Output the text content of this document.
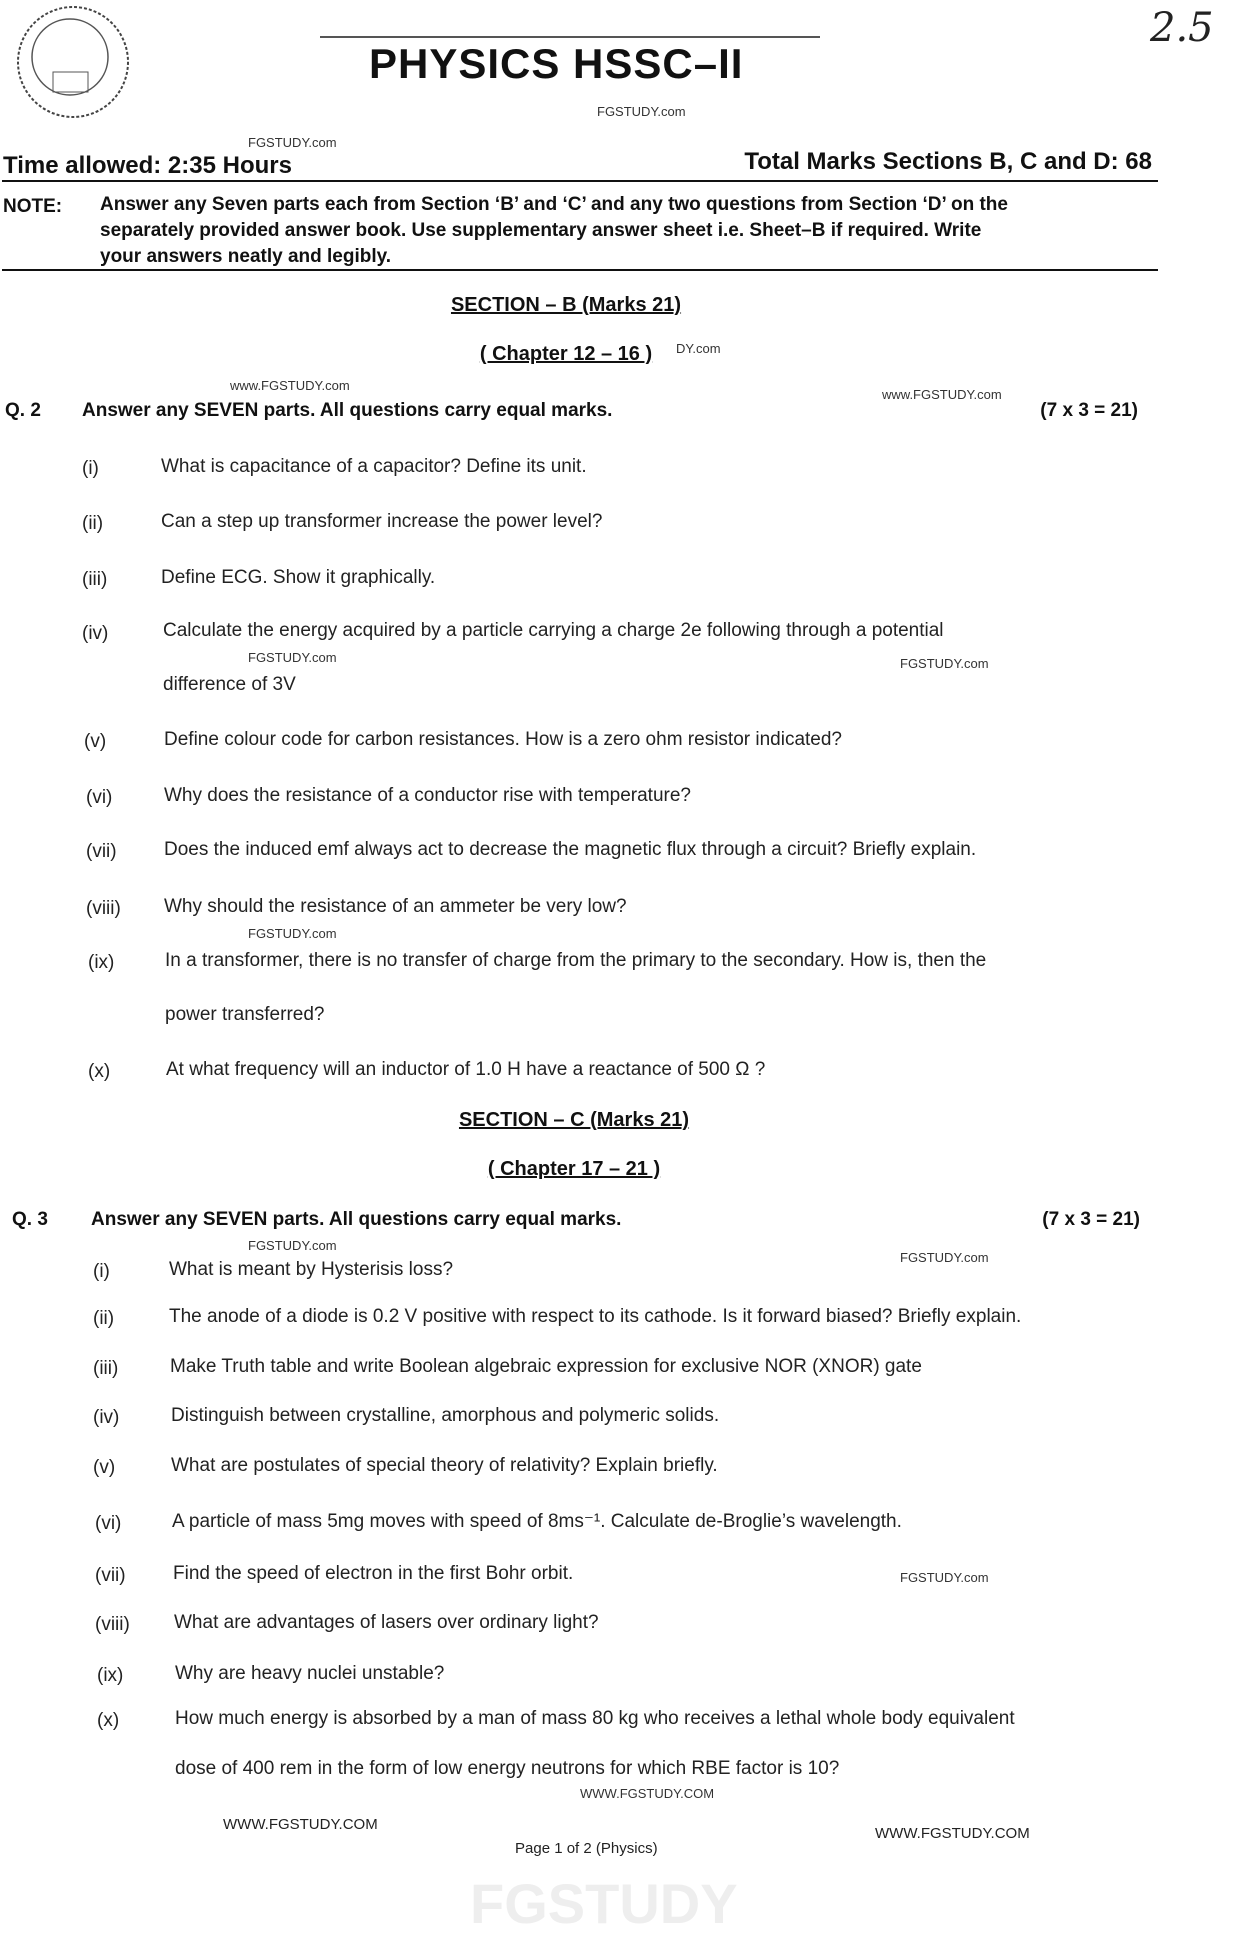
2.5
PHYSICS HSSC–II
FGSTUDY.com
FGSTUDY.com
Time allowed: 2:35 Hours	Total Marks Sections B, C and D: 68
NOTE: Answer any Seven parts each from Section ‘B’ and ‘C’ and any two questions from Section ‘D’ on the
separately provided answer book. Use supplementary answer sheet i.e. Sheet–B if required. Write
your answers neatly and legibly.
SECTION – B (Marks 21)
( Chapter 12 – 16 ) DY.com
www.FGSTUDY.com
www.FGSTUDY.com
Q. 2 Answer any SEVEN parts. All questions carry equal marks.	(7 x 3 = 21)
(i)	What is capacitance of a capacitor? Define its unit.
(ii)	Can a step up transformer increase the power level?
(iii)	Define ECG. Show it graphically.
(iv)	Calculate the energy acquired by a particle carrying a charge 2e following through a potential
FGSTUDY.com	FGSTUDY.com
difference of 3V
(v)	Define colour code for carbon resistances. How is a zero ohm resistor indicated?
(vi)	Why does the resistance of a conductor rise with temperature?
(vii) Does the induced emf always act to decrease the magnetic flux through a circuit? Briefly explain.
(viii) Why should the resistance of an ammeter be very low?
FGSTUDY.com
(ix)	In a transformer, there is no transfer of charge from the primary to the secondary. How is, then the
power transferred?
(x)	At what frequency will an inductor of 1.0 H have a reactance of 500 Ω ?
SECTION – C (Marks 21)
( Chapter 17 – 21 )
Q. 3 Answer any SEVEN parts. All questions carry equal marks.	(7 x 3 = 21)
FGSTUDY.com
FGSTUDY.com
(i)	What is meant by Hysterisis loss?
(ii)	The anode of a diode is 0.2 V positive with respect to its cathode. Is it forward biased? Briefly explain.
(iii)	Make Truth table and write Boolean algebraic expression for exclusive NOR (XNOR) gate
(iv)	Distinguish between crystalline, amorphous and polymeric solids.
(v)	What are postulates of special theory of relativity? Explain briefly.
(vi)	A particle of mass 5mg moves with speed of 8ms⁻¹. Calculate de-Broglie’s wavelength.
(vii) Find the speed of electron in the first Bohr orbit.	FGSTUDY.com
(viii) What are advantages of lasers over ordinary light?
(ix)	Why are heavy nuclei unstable?
(x)	How much energy is absorbed by a man of mass 80 kg who receives a lethal whole body equivalent
dose of 400 rem in the form of low energy neutrons for which RBE factor is 10?
WWW.FGSTUDY.COM
WWW.FGSTUDY.COM
WWW.FGSTUDY.COM
Page 1 of 2 (Physics)
FGSTUDY
